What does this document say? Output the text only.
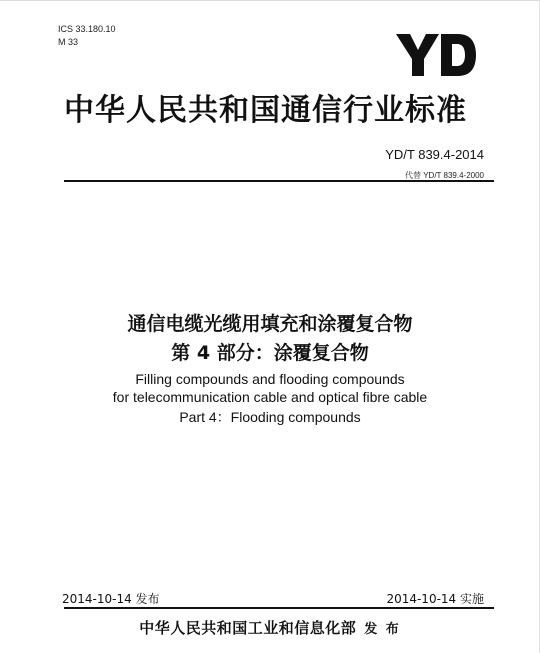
ICS 33.180.10
M 33
中华人民共和国通信行业标准
YD/T 839.4-2014
代替 YD/T 839.4-2000
通信电缆光缆用填充和涂覆复合物
第 4 部分：涂覆复合物
Filling compounds and flooding compounds
for telecommunication cable and optical fibre cable
Part 4：Flooding compounds
2014-10-14 发布	2014-10-14 实施
中华人民共和国工业和信息化部 发 布
